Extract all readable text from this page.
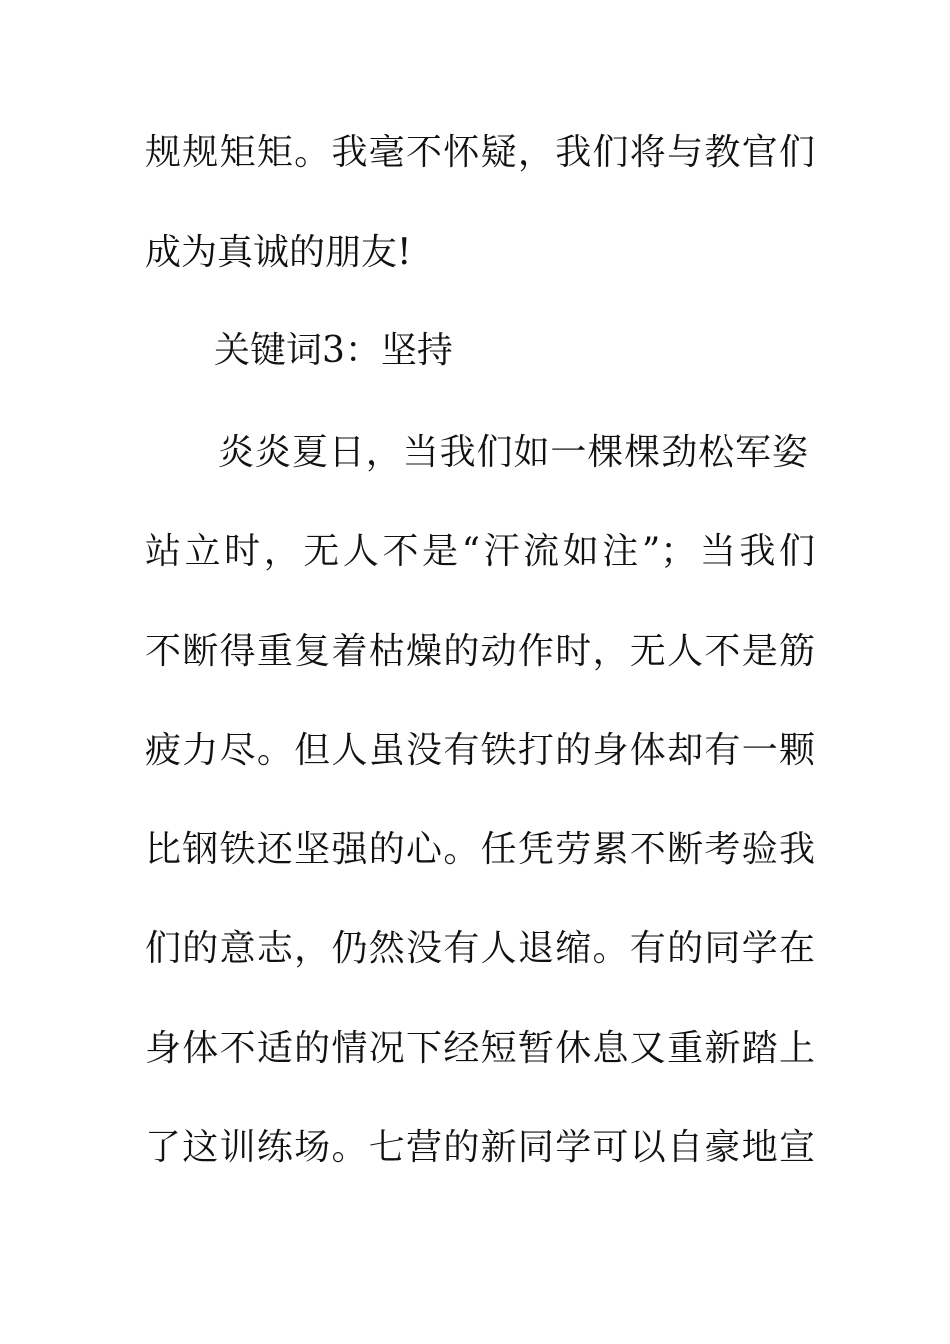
规规矩矩。我毫不怀疑，我们将与教官们
成为真诚的朋友!
关键词3：坚持
炎炎夏日，当我们如一棵棵劲松军姿
站立时，无人不是“汗流如注”；当我们
不断得重复着枯燥的动作时，无人不是筋
疲力尽。但人虽没有铁打的身体却有一颗
比钢铁还坚强的心。任凭劳累不断考验我
们的意志，仍然没有人退缩。有的同学在
身体不适的情况下经短暂休息又重新踏上
了这训练场。七营的新同学可以自豪地宣
